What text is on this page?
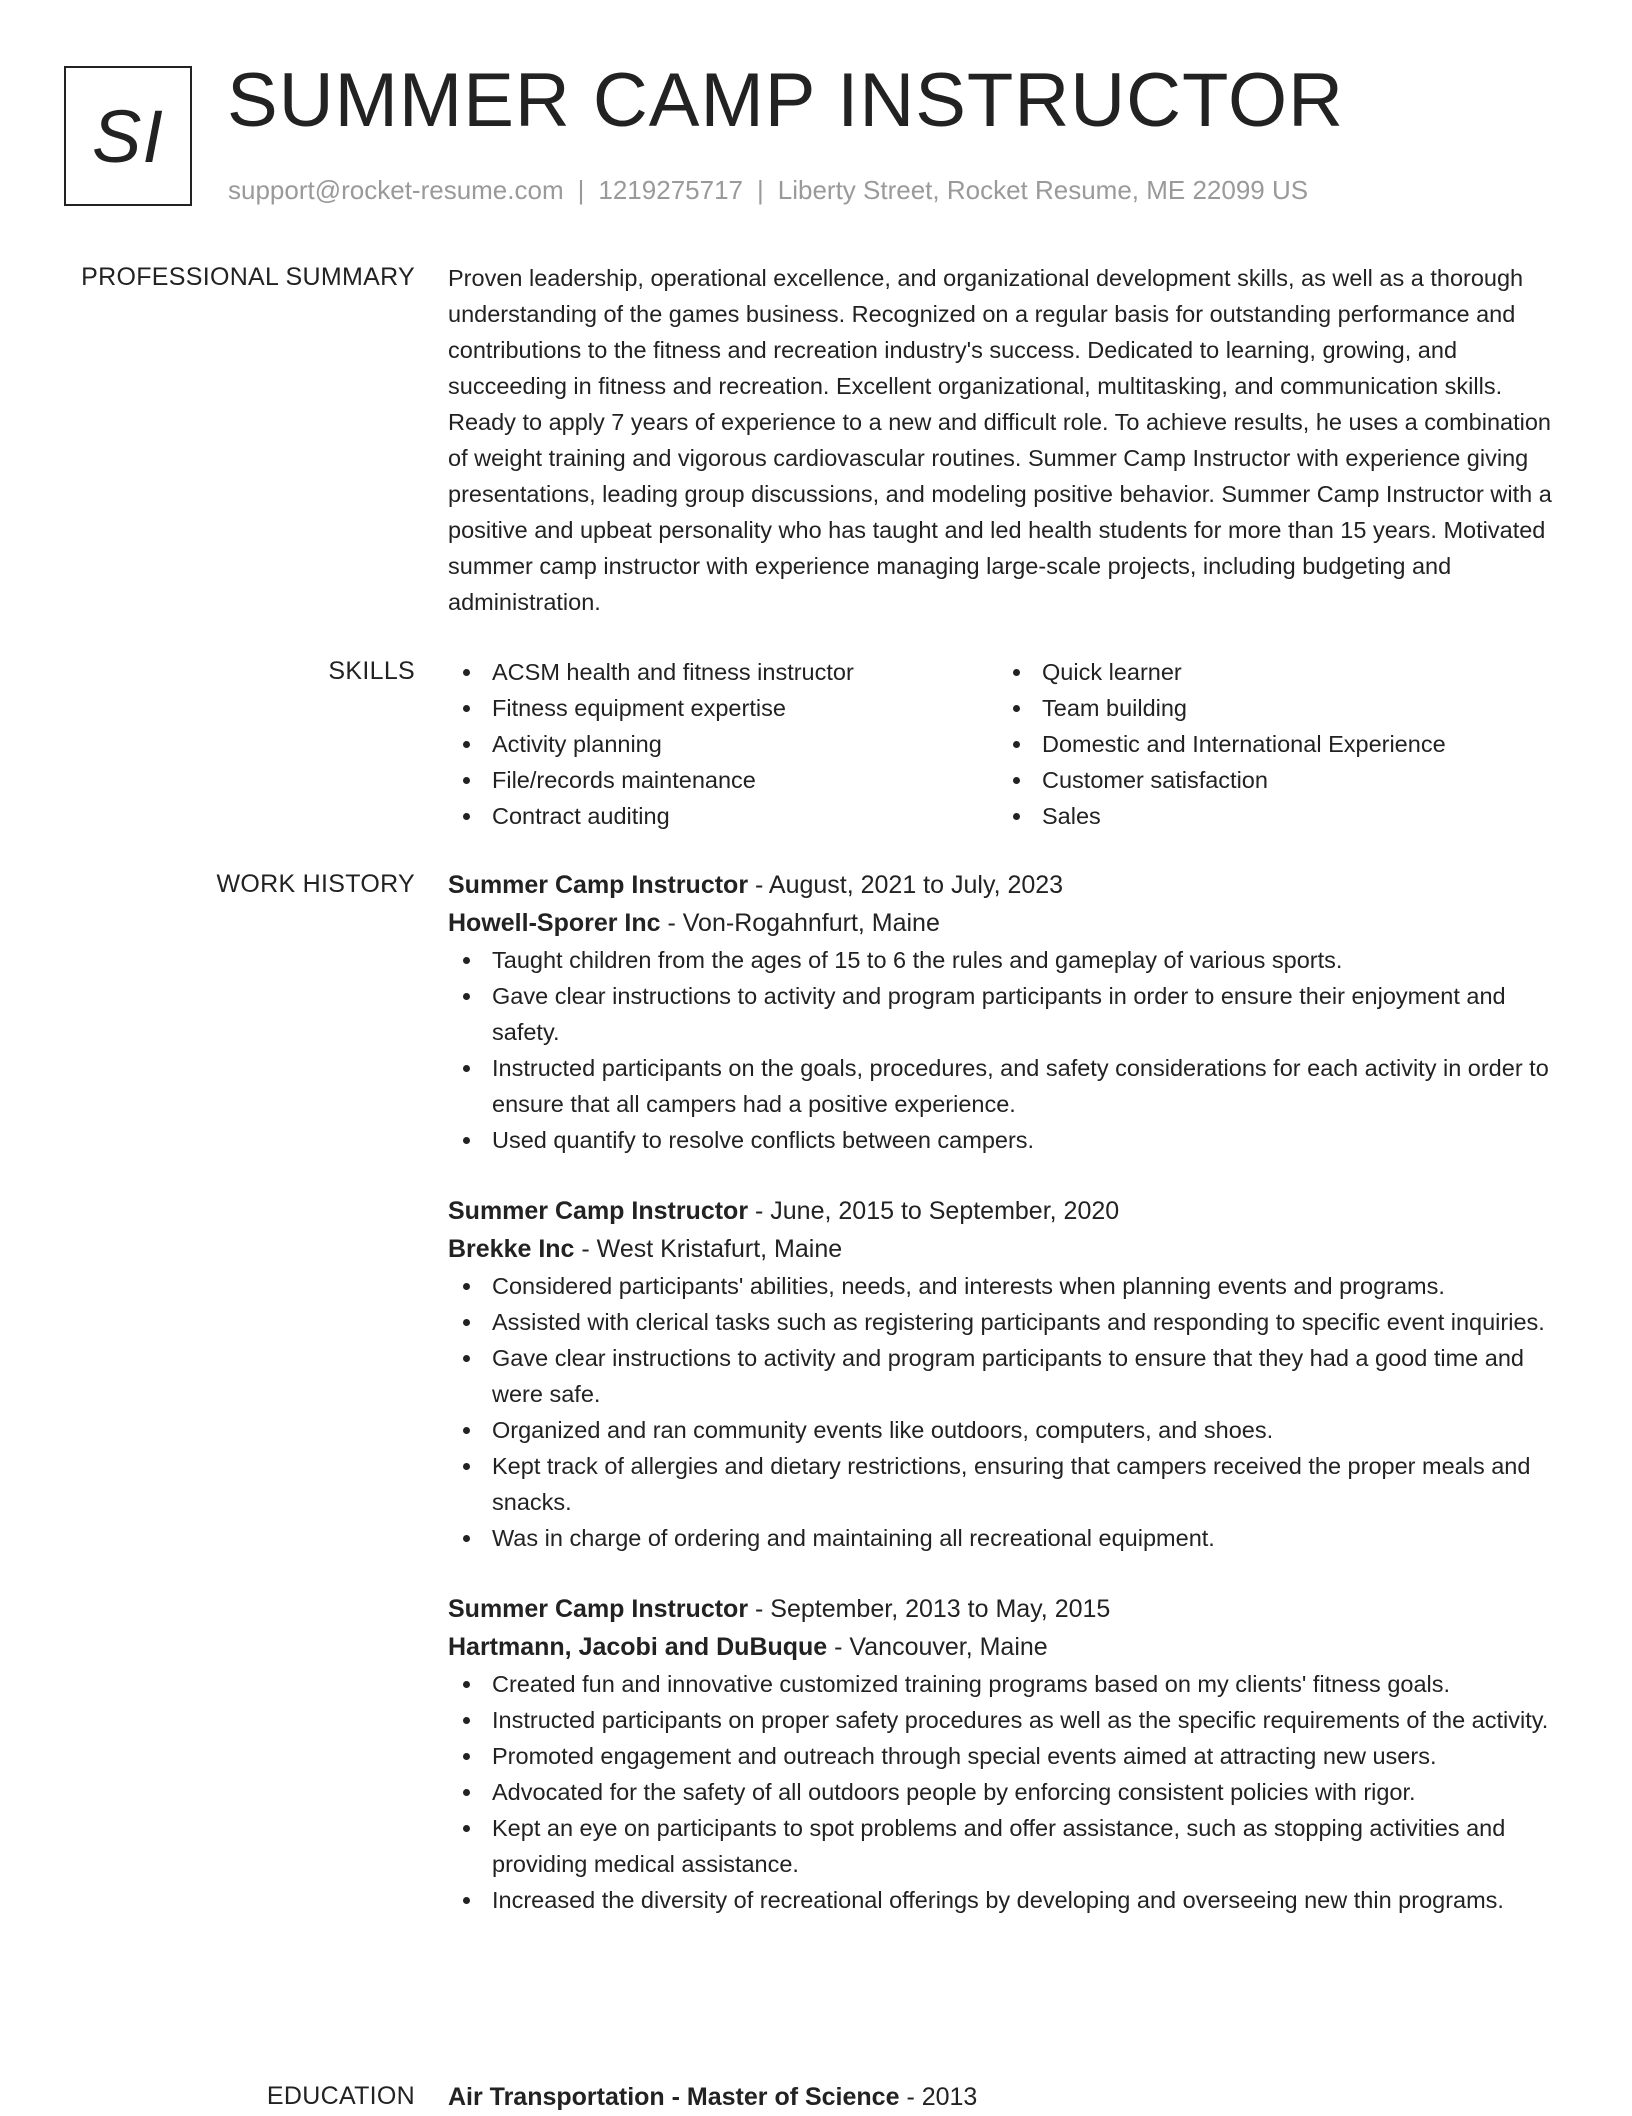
SI SUMMER CAMP INSTRUCTOR
support@rocket-resume.com | 1219275717 | Liberty Street, Rocket Resume, ME 22099 US
PROFESSIONAL SUMMARY Proven leadership, operational excellence, and organizational development skills, as well as a thorough understanding of the games business. Recognized on a regular basis for outstanding performance and contributions to the fitness and recreation industry's success. Dedicated to learning, growing, and succeeding in fitness and recreation. Excellent organizational, multitasking, and communication skills. Ready to apply 7 years of experience to a new and difficult role. To achieve results, he uses a combination of weight training and vigorous cardiovascular routines. Summer Camp Instructor with experience giving presentations, leading group discussions, and modeling positive behavior. Summer Camp Instructor with a positive and upbeat personality who has taught and led health students for more than 15 years. Motivated summer camp instructor with experience managing large-scale projects, including budgeting and administration.

SKILLS	ACSM health and fitness instructor
Fitness equipment expertise
Activity planning
File/records maintenance
Contract auditing
Quick learner
Team building
Domestic and International Experience
Customer satisfaction
Sales
WORK HISTORY Summer Camp Instructor - August, 2021 to July, 2023
Howell-Sporer Inc - Von-Rogahnfurt, Maine
Taught children from the ages of 15 to 6 the rules and gameplay of various sports.
Gave clear instructions to activity and program participants in order to ensure their enjoyment and safety.
Instructed participants on the goals, procedures, and safety considerations for each activity in order to ensure that all campers had a positive experience.
Used quantify to resolve conflicts between campers.
Summer Camp Instructor - June, 2015 to September, 2020
Brekke Inc - West Kristafurt, Maine
Considered participants' abilities, needs, and interests when planning events and programs.
Assisted with clerical tasks such as registering participants and responding to specific event inquiries.
Gave clear instructions to activity and program participants to ensure that they had a good time and were safe.
Organized and ran community events like outdoors, computers, and shoes.
Kept track of allergies and dietary restrictions, ensuring that campers received the proper meals and snacks.
Was in charge of ordering and maintaining all recreational equipment.
Summer Camp Instructor - September, 2013 to May, 2015
Hartmann, Jacobi and DuBuque - Vancouver, Maine
Created fun and innovative customized training programs based on my clients' fitness goals.
Instructed participants on proper safety procedures as well as the specific requirements of the activity.
Promoted engagement and outreach through special events aimed at attracting new users.
Advocated for the safety of all outdoors people by enforcing consistent policies with rigor.
Kept an eye on participants to spot problems and offer assistance, such as stopping activities and providing medical assistance.
Increased the diversity of recreational offerings by developing and overseeing new thin programs.
EDUCATION Air Transportation - Master of Science - 2013
